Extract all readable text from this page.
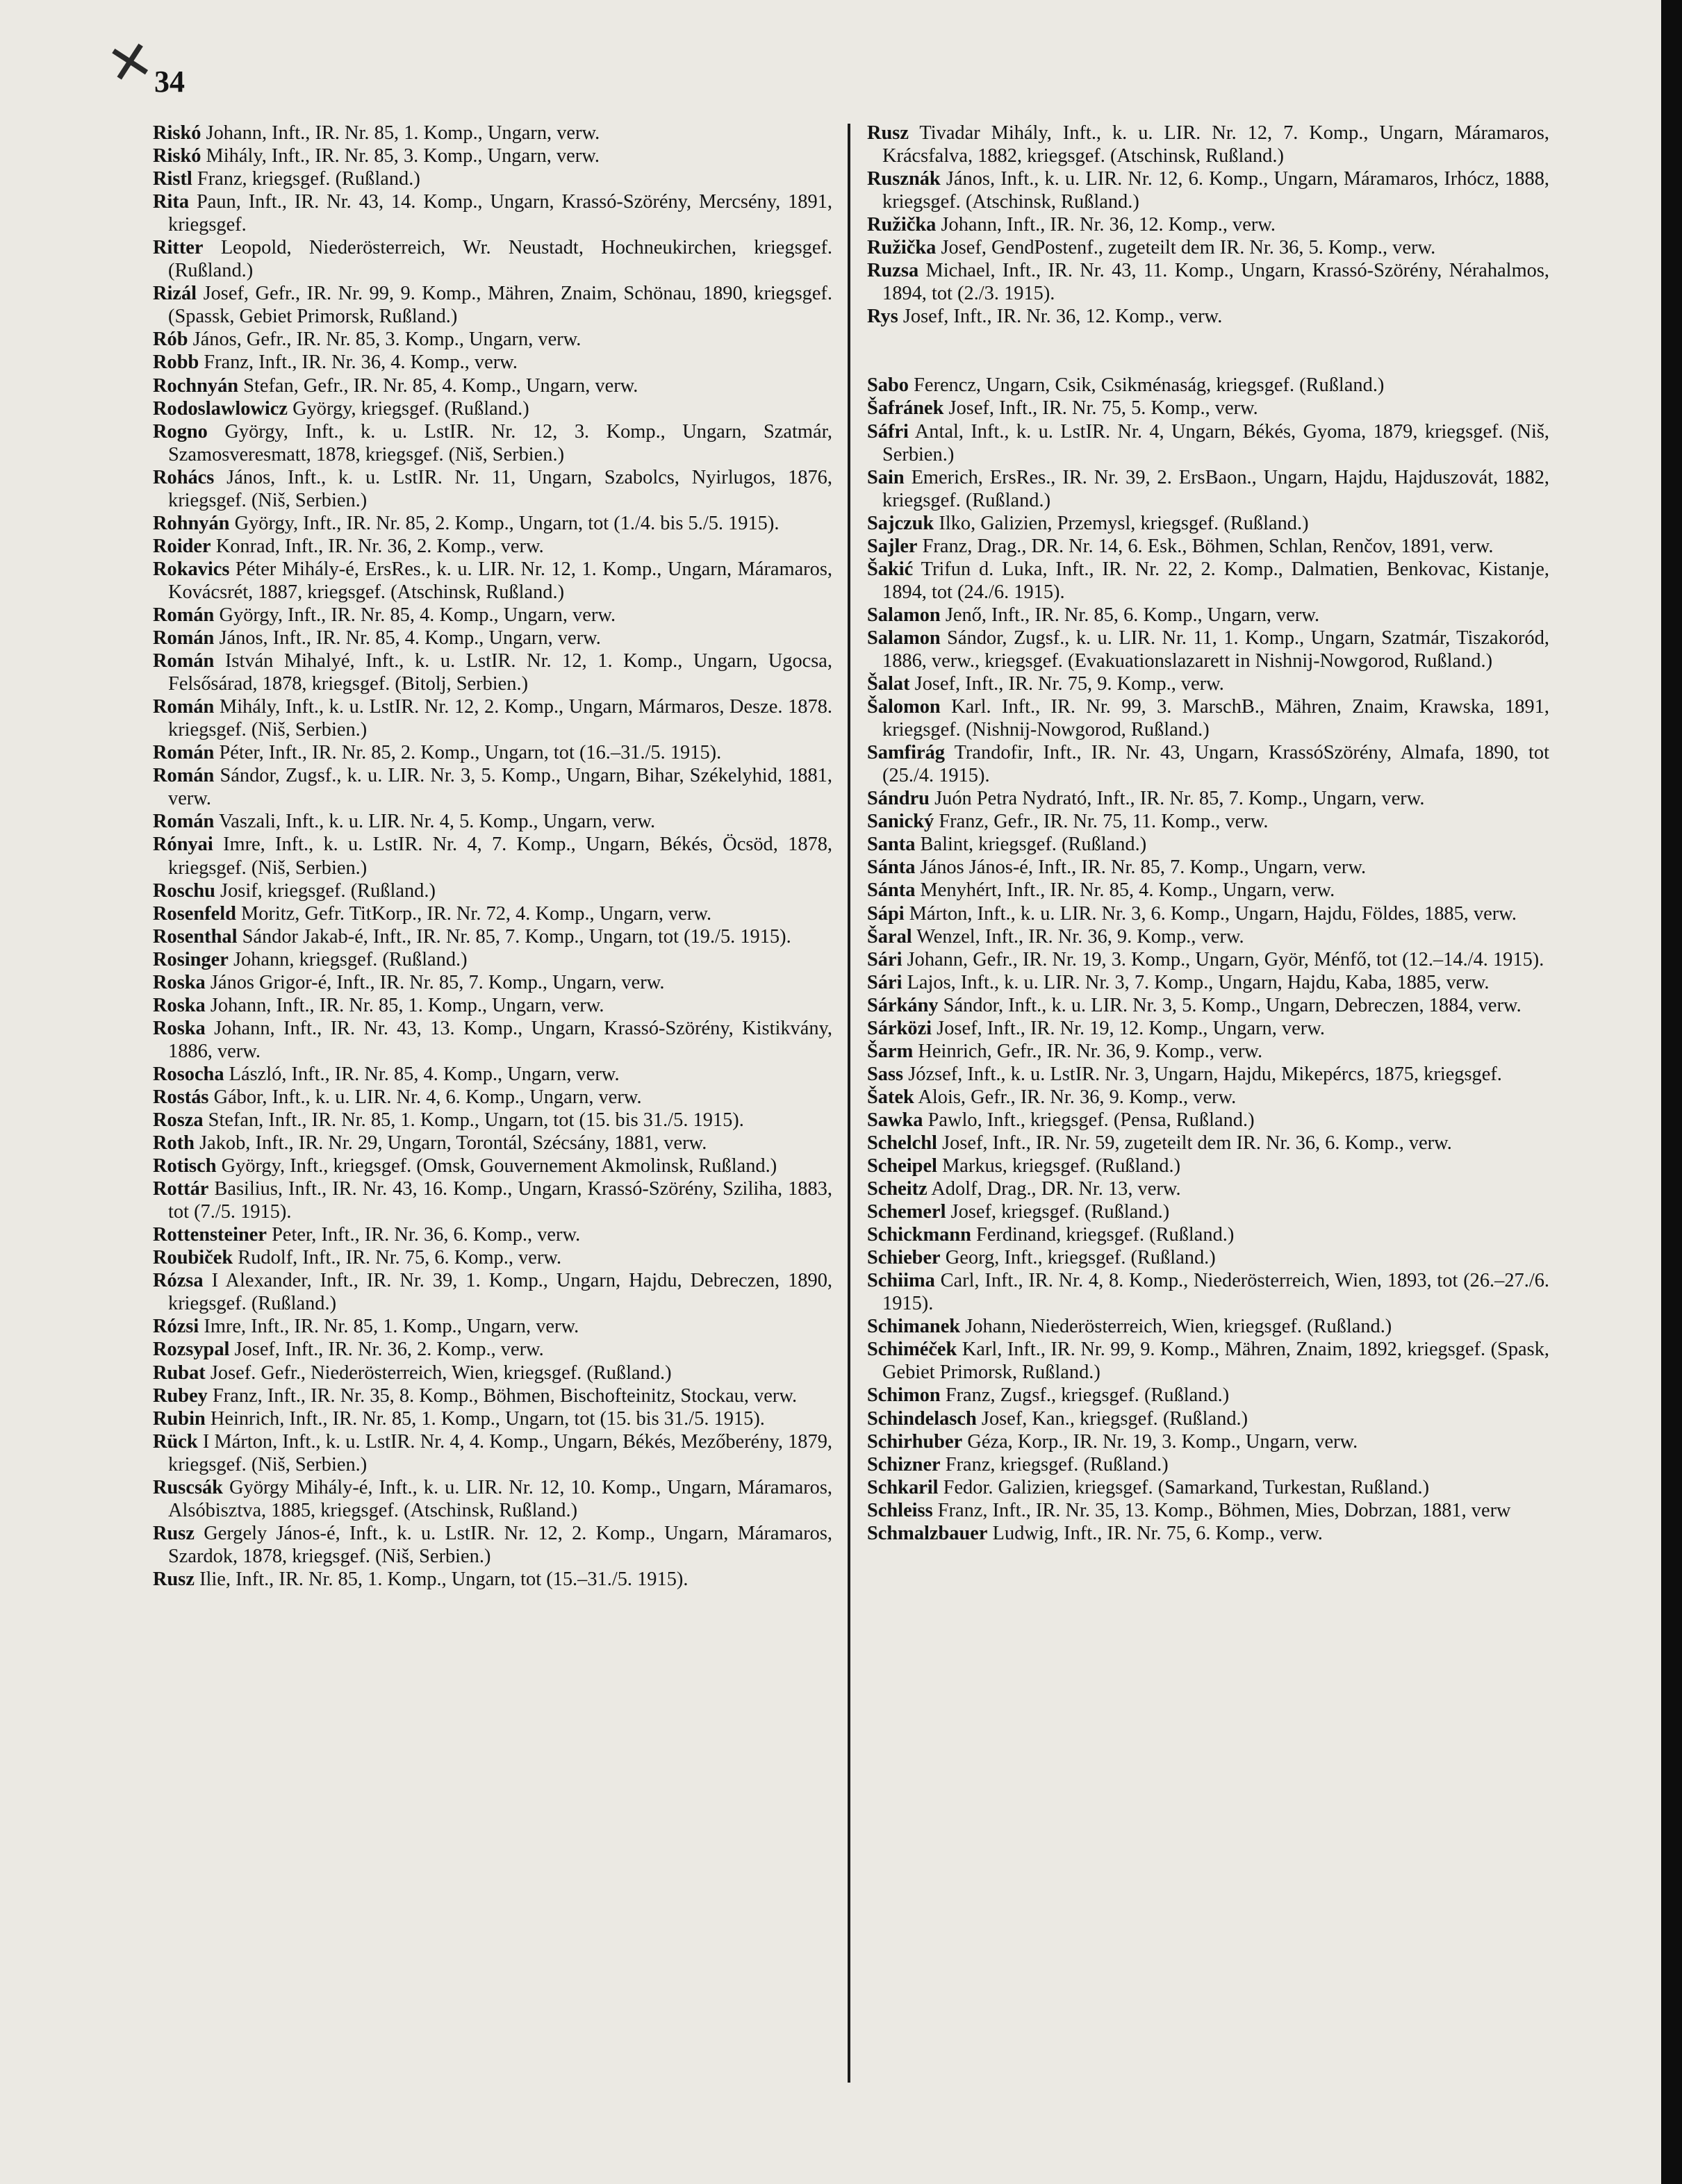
✕
34

Riskó Johann, Inft., IR. Nr. 85, 1. Komp., Ungarn, verw.

Riskó Mihály, Inft., IR. Nr. 85, 3. Komp., Ungarn, verw.

Ristl Franz, kriegsgef. (Rußland.)

Rita Paun, Inft., IR. Nr. 43, 14. Komp., Ungarn, Krassó-Szörény, Mercsény, 1891, kriegsgef.

Ritter Leopold, Niederösterreich, Wr. Neustadt, Hochneukirchen, kriegsgef. (Rußland.)

Rizál Josef, Gefr., IR. Nr. 99, 9. Komp., Mähren, Znaim, Schönau, 1890, kriegsgef. (Spassk, Gebiet Primorsk, Rußland.)

Rób János, Gefr., IR. Nr. 85, 3. Komp., Ungarn, verw.

Robb Franz, Inft., IR. Nr. 36, 4. Komp., verw.

Rochnyán Stefan, Gefr., IR. Nr. 85, 4. Komp., Ungarn, verw.

Rodoslawlowicz György, kriegsgef. (Rußland.)

Rogno György, Inft., k. u. LstIR. Nr. 12, 3. Komp., Ungarn, Szatmár, Szamosveresmatt, 1878, kriegsgef. (Niš, Serbien.)

Rohács János, Inft., k. u. LstIR. Nr. 11, Ungarn, Szabolcs, Nyirlugos, 1876, kriegsgef. (Niš, Serbien.)

Rohnyán György, Inft., IR. Nr. 85, 2. Komp., Ungarn, tot (1./4. bis 5./5. 1915).

Roider Konrad, Inft., IR. Nr. 36, 2. Komp., verw.

Rokavics Péter Mihály-é, ErsRes., k. u. LIR. Nr. 12, 1. Komp., Ungarn, Máramaros, Kovácsrét, 1887, kriegsgef. (Atschinsk, Rußland.)

Román György, Inft., IR. Nr. 85, 4. Komp., Ungarn, verw.

Román János, Inft., IR. Nr. 85, 4. Komp., Ungarn, verw.

Román István Mihalyé, Inft., k. u. LstIR. Nr. 12, 1. Komp., Ungarn, Ugocsa, Felsősárad, 1878, kriegsgef. (Bitolj, Serbien.)

Román Mihály, Inft., k. u. LstIR. Nr. 12, 2. Komp., Ungarn, Mármaros, Desze. 1878. kriegsgef. (Niš, Serbien.)

Román Péter, Inft., IR. Nr. 85, 2. Komp., Ungarn, tot (16.–31./5. 1915).

Román Sándor, Zugsf., k. u. LIR. Nr. 3, 5. Komp., Ungarn, Bihar, Székelyhid, 1881, verw.

Román Vaszali, Inft., k. u. LIR. Nr. 4, 5. Komp., Ungarn, verw.

Rónyai Imre, Inft., k. u. LstIR. Nr. 4, 7. Komp., Ungarn, Békés, Öcsöd, 1878, kriegsgef. (Niš, Serbien.)

Roschu Josif, kriegsgef. (Rußland.)

Rosenfeld Moritz, Gefr. TitKorp., IR. Nr. 72, 4. Komp., Ungarn, verw.

Rosenthal Sándor Jakab-é, Inft., IR. Nr. 85, 7. Komp., Ungarn, tot (19./5. 1915).

Rosinger Johann, kriegsgef. (Rußland.)

Roska János Grigor-é, Inft., IR. Nr. 85, 7. Komp., Ungarn, verw.

Roska Johann, Inft., IR. Nr. 85, 1. Komp., Ungarn, verw.

Roska Johann, Inft., IR. Nr. 43, 13. Komp., Ungarn, Krassó-Szörény, Kistikvány, 1886, verw.

Rosocha László, Inft., IR. Nr. 85, 4. Komp., Ungarn, verw.

Rostás Gábor, Inft., k. u. LIR. Nr. 4, 6. Komp., Ungarn, verw.

Rosza Stefan, Inft., IR. Nr. 85, 1. Komp., Ungarn, tot (15. bis 31./5. 1915).

Roth Jakob, Inft., IR. Nr. 29, Ungarn, Torontál, Szécsány, 1881, verw.

Rotisch György, Inft., kriegsgef. (Omsk, Gouvernement Akmolinsk, Rußland.)

Rottár Basilius, Inft., IR. Nr. 43, 16. Komp., Ungarn, Krassó-Szörény, Sziliha, 1883, tot (7./5. 1915).

Rottensteiner Peter, Inft., IR. Nr. 36, 6. Komp., verw.

Roubiček Rudolf, Inft., IR. Nr. 75, 6. Komp., verw.

Rózsa I Alexander, Inft., IR. Nr. 39, 1. Komp., Ungarn, Hajdu, Debreczen, 1890, kriegsgef. (Rußland.)

Rózsi Imre, Inft., IR. Nr. 85, 1. Komp., Ungarn, verw.

Rozsypal Josef, Inft., IR. Nr. 36, 2. Komp., verw.

Rubat Josef. Gefr., Niederösterreich, Wien, kriegsgef. (Rußland.)

Rubey Franz, Inft., IR. Nr. 35, 8. Komp., Böhmen, Bischofteinitz, Stockau, verw.

Rubin Heinrich, Inft., IR. Nr. 85, 1. Komp., Ungarn, tot (15. bis 31./5. 1915).

Rück I Márton, Inft., k. u. LstIR. Nr. 4, 4. Komp., Ungarn, Békés, Mezőberény, 1879, kriegsgef. (Niš, Serbien.)

Ruscsák György Mihály-é, Inft., k. u. LIR. Nr. 12, 10. Komp., Ungarn, Máramaros, Alsóbisztva, 1885, kriegsgef. (Atschinsk, Rußland.)

Rusz Gergely János-é, Inft., k. u. LstIR. Nr. 12, 2. Komp., Ungarn, Máramaros, Szardok, 1878, kriegsgef. (Niš, Serbien.)

Rusz Ilie, Inft., IR. Nr. 85, 1. Komp., Ungarn, tot (15.–31./5. 1915).

Rusz Tivadar Mihály, Inft., k. u. LIR. Nr. 12, 7. Komp., Ungarn, Máramaros, Krácsfalva, 1882, kriegsgef. (Atschinsk, Rußland.)

Rusznák János, Inft., k. u. LIR. Nr. 12, 6. Komp., Ungarn, Máramaros, Irhócz, 1888, kriegsgef. (Atschinsk, Rußland.)

Ružička Johann, Inft., IR. Nr. 36, 12. Komp., verw.

Ružička Josef, GendPostenf., zugeteilt dem IR. Nr. 36, 5. Komp., verw.

Ruzsa Michael, Inft., IR. Nr. 43, 11. Komp., Ungarn, Krassó-Szörény, Nérahalmos, 1894, tot (2./3. 1915).

Rys Josef, Inft., IR. Nr. 36, 12. Komp., verw.

Sabo Ferencz, Ungarn, Csik, Csikménaság, kriegsgef. (Rußland.)

Šafránek Josef, Inft., IR. Nr. 75, 5. Komp., verw.

Sáfri Antal, Inft., k. u. LstIR. Nr. 4, Ungarn, Békés, Gyoma, 1879, kriegsgef. (Niš, Serbien.)

Sain Emerich, ErsRes., IR. Nr. 39, 2. ErsBaon., Ungarn, Hajdu, Hajduszovát, 1882, kriegsgef. (Rußland.)

Sajczuk Ilko, Galizien, Przemysl, kriegsgef. (Rußland.)

Sajler Franz, Drag., DR. Nr. 14, 6. Esk., Böhmen, Schlan, Renčov, 1891, verw.

Šakić Trifun d. Luka, Inft., IR. Nr. 22, 2. Komp., Dalmatien, Benkovac, Kistanje, 1894, tot (24./6. 1915).

Salamon Jenő, Inft., IR. Nr. 85, 6. Komp., Ungarn, verw.

Salamon Sándor, Zugsf., k. u. LIR. Nr. 11, 1. Komp., Ungarn, Szatmár, Tiszakoród, 1886, verw., kriegsgef. (Evakuationslazarett in Nishnij-Nowgorod, Rußland.)

Šalat Josef, Inft., IR. Nr. 75, 9. Komp., verw.

Šalomon Karl. Inft., IR. Nr. 99, 3. MarschB., Mähren, Znaim, Krawska, 1891, kriegsgef. (Nishnij-Nowgorod, Rußland.)

Samfirág Trandofir, Inft., IR. Nr. 43, Ungarn, KrassóSzörény, Almafa, 1890, tot (25./4. 1915).

Sándru Juón Petra Nydrató, Inft., IR. Nr. 85, 7. Komp., Ungarn, verw.

Sanický Franz, Gefr., IR. Nr. 75, 11. Komp., verw.

Santa Balint, kriegsgef. (Rußland.)

Sánta János János-é, Inft., IR. Nr. 85, 7. Komp., Ungarn, verw.

Sánta Menyhért, Inft., IR. Nr. 85, 4. Komp., Ungarn, verw.

Sápi Márton, Inft., k. u. LIR. Nr. 3, 6. Komp., Ungarn, Hajdu, Földes, 1885, verw.

Šaral Wenzel, Inft., IR. Nr. 36, 9. Komp., verw.

Sári Johann, Gefr., IR. Nr. 19, 3. Komp., Ungarn, Györ, Ménfő, tot (12.–14./4. 1915).

Sári Lajos, Inft., k. u. LIR. Nr. 3, 7. Komp., Ungarn, Hajdu, Kaba, 1885, verw.

Sárkány Sándor, Inft., k. u. LIR. Nr. 3, 5. Komp., Ungarn, Debreczen, 1884, verw.

Sárközi Josef, Inft., IR. Nr. 19, 12. Komp., Ungarn, verw.

Šarm Heinrich, Gefr., IR. Nr. 36, 9. Komp., verw.

Sass József, Inft., k. u. LstIR. Nr. 3, Ungarn, Hajdu, Mikepércs, 1875, kriegsgef.

Šatek Alois, Gefr., IR. Nr. 36, 9. Komp., verw.

Sawka Pawlo, Inft., kriegsgef. (Pensa, Rußland.)

Schelchl Josef, Inft., IR. Nr. 59, zugeteilt dem IR. Nr. 36, 6. Komp., verw.

Scheipel Markus, kriegsgef. (Rußland.)

Scheitz Adolf, Drag., DR. Nr. 13, verw.

Schemerl Josef, kriegsgef. (Rußland.)

Schickmann Ferdinand, kriegsgef. (Rußland.)

Schieber Georg, Inft., kriegsgef. (Rußland.)

Schiima Carl, Inft., IR. Nr. 4, 8. Komp., Niederösterreich, Wien, 1893, tot (26.–27./6. 1915).

Schimanek Johann, Niederösterreich, Wien, kriegsgef. (Rußland.)

Schiméček Karl, Inft., IR. Nr. 99, 9. Komp., Mähren, Znaim, 1892, kriegsgef. (Spask, Gebiet Primorsk, Rußland.)

Schimon Franz, Zugsf., kriegsgef. (Rußland.)

Schindelasch Josef, Kan., kriegsgef. (Rußland.)

Schirhuber Géza, Korp., IR. Nr. 19, 3. Komp., Ungarn, verw.

Schizner Franz, kriegsgef. (Rußland.)

Schkaril Fedor. Galizien, kriegsgef. (Samarkand, Turkestan, Rußland.)

Schleiss Franz, Inft., IR. Nr. 35, 13. Komp., Böhmen, Mies, Dobrzan, 1881, verw

Schmalzbauer Ludwig, Inft., IR. Nr. 75, 6. Komp., verw.
